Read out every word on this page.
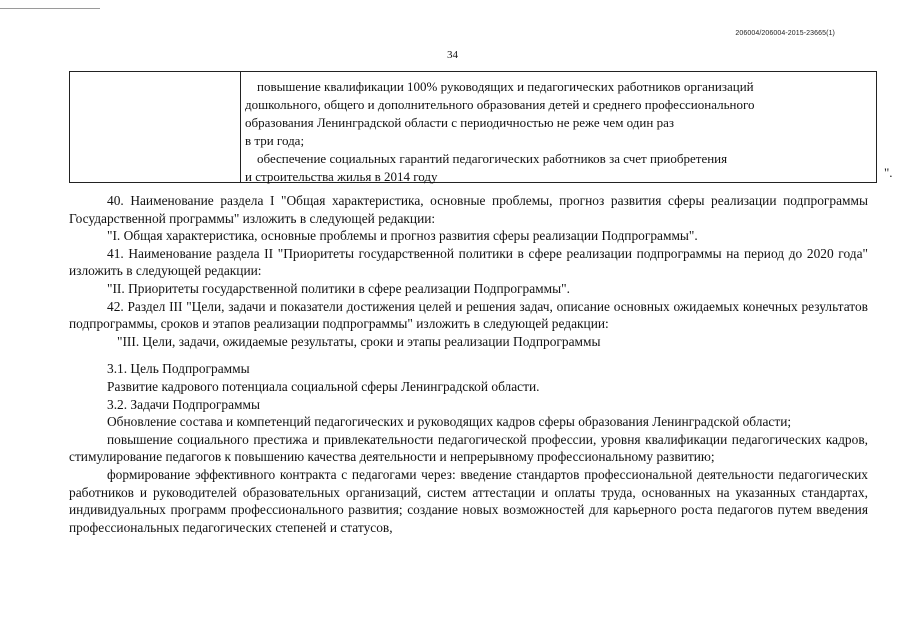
206004/206004-2015-23665(1)
34

повышение квалификации 100% руководящих и педагогических работников организаций

дошкольного, общего и дополнительного образования детей и среднего профессионального

образования Ленинградской области с периодичностью не реже чем один раз

в три года;

обеспечение социальных гарантий педагогических работников за счет приобретения

и строительства жилья в 2014 году	".

40. Наименование раздела I "Общая характеристика, основные проблемы, прогноз развития сферы реализации подпрограммы Государственной программы" изложить в следующей редакции:

"I. Общая характеристика, основные проблемы и прогноз развития сферы реализации Подпрограммы".

41. Наименование раздела II "Приоритеты государственной политики в сфере реализации подпрограммы на период до 2020 года" изложить в следующей редакции:

"II. Приоритеты государственной политики в сфере реализации Подпрограммы".

42. Раздел III "Цели, задачи и показатели достижения целей и решения задач, описание основных ожидаемых конечных результатов подпрограммы, сроков и этапов реализации подпрограммы" изложить в следующей редакции:

"III. Цели, задачи, ожидаемые результаты, сроки и этапы реализации Подпрограммы

3.1. Цель Подпрограммы

Развитие кадрового потенциала социальной сферы Ленинградской области.

3.2. Задачи Подпрограммы

Обновление состава и компетенций педагогических и руководящих кадров сферы образования Ленинградской области;

повышение социального престижа и привлекательности педагогической профессии, уровня квалификации педагогических кадров, стимулирование педагогов к повышению качества деятельности и непрерывному профессиональному развитию;

формирование эффективного контракта с педагогами через: введение стандартов профессиональной деятельности педагогических работников и руководителей образовательных организаций, систем аттестации и оплаты труда, основанных на указанных стандартах, индивидуальных программ профессионального развития; создание новых возможностей для карьерного роста педагогов путем введения профессиональных педагогических степеней и статусов,
